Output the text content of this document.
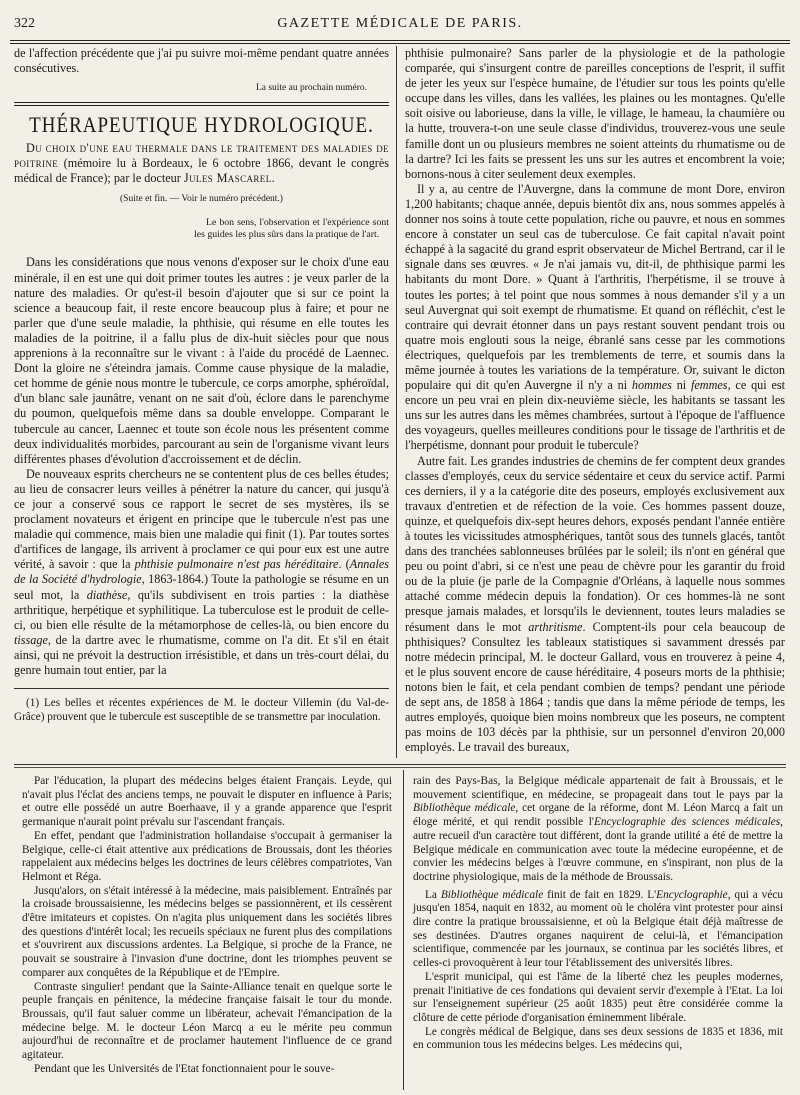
322	GAZETTE MÉDICALE DE PARIS.

de l'affection précédente que j'ai pu suivre moi-même pendant quatre années consécutives.

La suite au prochain numéro.
THÉRAPEUTIQUE HYDROLOGIQUE.

Du choix d'une eau thermale dans le traitement des maladies de poitrine (mémoire lu à Bordeaux, le 6 octobre 1866, devant le congrès médical de France); par le docteur Jules Mascarel.

(Suite et fin. — Voir le numéro précédent.)
Le bon sens, l'observation et l'expérience sont les guides les plus sûrs dans la pratique de l'art.

Dans les considérations que nous venons d'exposer sur le choix d'une eau minérale, il en est une qui doit primer toutes les autres : je veux parler de la nature des maladies. Or qu'est-il besoin d'ajouter que si sur ce point la science a beaucoup fait, il reste encore beaucoup plus à faire; et pour ne parler que d'une seule maladie, la phthisie, qui résume en elle toutes les maladies de la poitrine, il a fallu plus de dix-huit siècles pour que nous apprenions à la reconnaître sur le vivant : à l'aide du procédé de Laennec. Dont la gloire ne s'éteindra jamais. Comme cause physique de la maladie, cet homme de génie nous montre le tubercule, ce corps amorphe, sphéroïdal, d'un blanc sale jaunâtre, venant on ne sait d'où, éclore dans le parenchyme du poumon, quelquefois même dans sa double enveloppe. Comparant le tubercule au cancer, Laennec et toute son école nous les présentent comme deux individualités morbides, parcourant au sein de l'organisme vivant leurs différentes phases d'évolution d'accroissement et de déclin.

De nouveaux esprits chercheurs ne se contentent plus de ces belles études; au lieu de consacrer leurs veilles à pénétrer la nature du cancer, qui jusqu'à ce jour a conservé sous ce rapport le secret de ses mystères, ils se proclament novateurs et érigent en principe que le tubercule n'est pas une maladie qui commence, mais bien une maladie qui finit (1). Par toutes sortes d'artifices de langage, ils arrivent à proclamer ce qui pour eux est une autre vérité, à savoir : que la phthisie pulmonaire n'est pas héréditaire. (Annales de la Société d'hydrologie, 1863-1864.) Toute la pathologie se résume en un seul mot, la diathèse, qu'ils subdivisent en trois parties : la diathèse arthritique, herpétique et syphilitique. La tuberculose est le produit de celle-ci, ou bien elle résulte de la métamorphose de celles-là, ou bien encore du tissage, de la dartre avec le rhumatisme, comme on l'a dit. Et s'il en était ainsi, qui ne prévoit la destruction irrésistible, et dans un très-court délai, du genre humain tout entier, par la

(1) Les belles et récentes expériences de M. le docteur Villemin (du Val-de-Grâce) prouvent que le tubercule est susceptible de se transmettre par inoculation.

phthisie pulmonaire? Sans parler de la physiologie et de la pathologie comparée, qui s'insurgent contre de pareilles conceptions de l'esprit, il suffit de jeter les yeux sur l'espèce humaine, de l'étudier sur tous les points qu'elle occupe dans les villes, dans les vallées, les plaines ou les montagnes. Qu'elle soit oisive ou laborieuse, dans la ville, le village, le hameau, la chaumière ou la hutte, trouvera-t-on une seule classe d'individus, trouverez-vous une seule famille dont un ou plusieurs membres ne soient atteints du rhumatisme ou de la dartre? Ici les faits se pressent les uns sur les autres et encombrent la voie; bornons-nous à citer seulement deux exemples.

Il y a, au centre de l'Auvergne, dans la commune de mont Dore, environ 1,200 habitants; chaque année, depuis bientôt dix ans, nous sommes appelés à donner nos soins à toute cette population, riche ou pauvre, et nous en sommes encore à constater un seul cas de tuberculose. Ce fait capital n'avait point échappé à la sagacité du grand esprit observateur de Michel Bertrand, car il le signale dans ses œuvres. « Je n'ai jamais vu, dit-il, de phthisique parmi les habitants du mont Dore. » Quant à l'arthritis, l'herpétisme, il se trouve à toutes les portes; à tel point que nous sommes à nous demander s'il y a un seul Auvergnat qui soit exempt de rhumatisme. Et quand on réfléchit, c'est le contraire qui devrait étonner dans un pays restant souvent pendant trois ou quatre mois englouti sous la neige, ébranlé sans cesse par les commotions électriques, quelquefois par les tremblements de terre, et soumis dans la même journée à toutes les variations de la température. Or, suivant le dicton populaire qui dit qu'en Auvergne il n'y a ni hommes ni femmes, ce qui est encore un peu vrai en plein dix-neuvième siècle, les habitants se tassant les uns sur les autres dans les mêmes chambrées, surtout à l'époque de l'affluence des voyageurs, quelles meilleures conditions pour le tissage de l'arthritis et de l'herpétisme, donnant pour produit le tubercule?

Autre fait. Les grandes industries de chemins de fer comptent deux grandes classes d'employés, ceux du service sédentaire et ceux du service actif. Parmi ces derniers, il y a la catégorie dite des poseurs, employés exclusivement aux travaux d'entretien et de réfection de la voie. Ces hommes passent douze, quinze, et quelquefois dix-sept heures dehors, exposés pendant l'année entière à toutes les vicissitudes atmosphériques, tantôt sous des tunnels glacés, tantôt dans des tranchées sablonneuses brûlées par le soleil; ils n'ont en général que peu ou point d'abri, si ce n'est une peau de chèvre pour les garantir du froid ou de la pluie (je parle de la Compagnie d'Orléans, à laquelle nous sommes attaché comme médecin depuis la fondation). Or ces hommes-là ne sont presque jamais malades, et lorsqu'ils le deviennent, toutes leurs maladies se résument dans le mot arthritisme. Comptent-ils pour cela beaucoup de phthisiques? Consultez les tableaux statistiques si savamment dressés par notre médecin principal, M. le docteur Gallard, vous en trouverez à peine 4, et le plus souvent encore de cause héréditaire, 4 poseurs morts de la phthisie; notons bien le fait, et cela pendant combien de temps? pendant une période de sept ans, de 1858 à 1864 ; tandis que dans la même période de temps, les autres employés, quoique bien moins nombreux que les poseurs, ne comptent pas moins de 103 décès par la phthisie, sur un personnel d'environ 20,000 employés. Le travail des bureaux,

Par l'éducation, la plupart des médecins belges étaient Français. Leyde, qui n'avait plus l'éclat des anciens temps, ne pouvait le disputer en influence à Paris; et outre elle possédé un autre Boerhaave, il y a grande apparence que l'esprit germanique n'aurait point prévalu sur l'ascendant français.

En effet, pendant que l'administration hollandaise s'occupait à germaniser la Belgique, celle-ci était attentive aux prédications de Broussais, dont les théories rappelaient aux médecins belges les doctrines de leurs célèbres compatriotes, Van Helmont et Réga.

Jusqu'alors, on s'était intéressé à la médecine, mais paisiblement. Entraînés par la croisade broussaisienne, les médecins belges se passionnèrent, et ils cessèrent d'être imitateurs et copistes. On n'agita plus uniquement dans les sociétés libres des questions d'intérêt local; les recueils spéciaux ne furent plus des compilations et s'ouvrirent aux discussions ardentes. La Belgique, si proche de la France, ne pouvait se soustraire à l'invasion d'une doctrine, dont les triomphes peuvent se comparer aux conquêtes de la République et de l'Empire.

Contraste singulier! pendant que la Sainte-Alliance tenait en quelque sorte le peuple français en pénitence, la médecine française faisait le tour du monde. Broussais, qu'il faut saluer comme un libérateur, achevait l'émancipation de la médecine belge. M. le docteur Léon Marcq a eu le mérite peu commun aujourd'hui de reconnaître et de proclamer hautement l'influence de ce grand agitateur.

Pendant que les Universités de l'Etat fonctionnaient pour le souve-

rain des Pays-Bas, la Belgique médicale appartenait de fait à Broussais, et le mouvement scientifique, en médecine, se propageait dans tout le pays par la Bibliothèque médicale, cet organe de la réforme, dont M. Léon Marcq a fait un éloge mérité, et qui rendit possible l'Encyclographie des sciences médicales, autre recueil d'un caractère tout différent, dont la grande utilité a été de mettre la Belgique médicale en communication avec toute la médecine européenne, et de convier les médecins belges à l'œuvre commune, en s'inspirant, non plus de la doctrine physiologique, mais de la méthode de Broussais.

La Bibliothèque médicale finit de fait en 1829. L'Encyclographie, qui a vécu jusqu'en 1854, naquit en 1832, au moment où le choléra vint protester pour ainsi dire contre la pratique broussaisienne, et où la Belgique était déjà maîtresse de ses destinées. D'autres organes naquirent de celui-là, et l'émancipation scientifique, commencée par les journaux, se continua par les sociétés libres, et celles-ci provoquèrent à leur tour l'établissement des universités libres.

L'esprit municipal, qui est l'âme de la liberté chez les peuples modernes, prenait l'initiative de ces fondations qui devaient servir d'exemple à l'Etat. La loi sur l'enseignement supérieur (25 août 1835) peut être considérée comme la clôture de cette période d'organisation éminemment libérale.

Le congrès médical de Belgique, dans ses deux sessions de 1835 et 1836, mit en communion tous les médecins belges. Les médecins qui,
